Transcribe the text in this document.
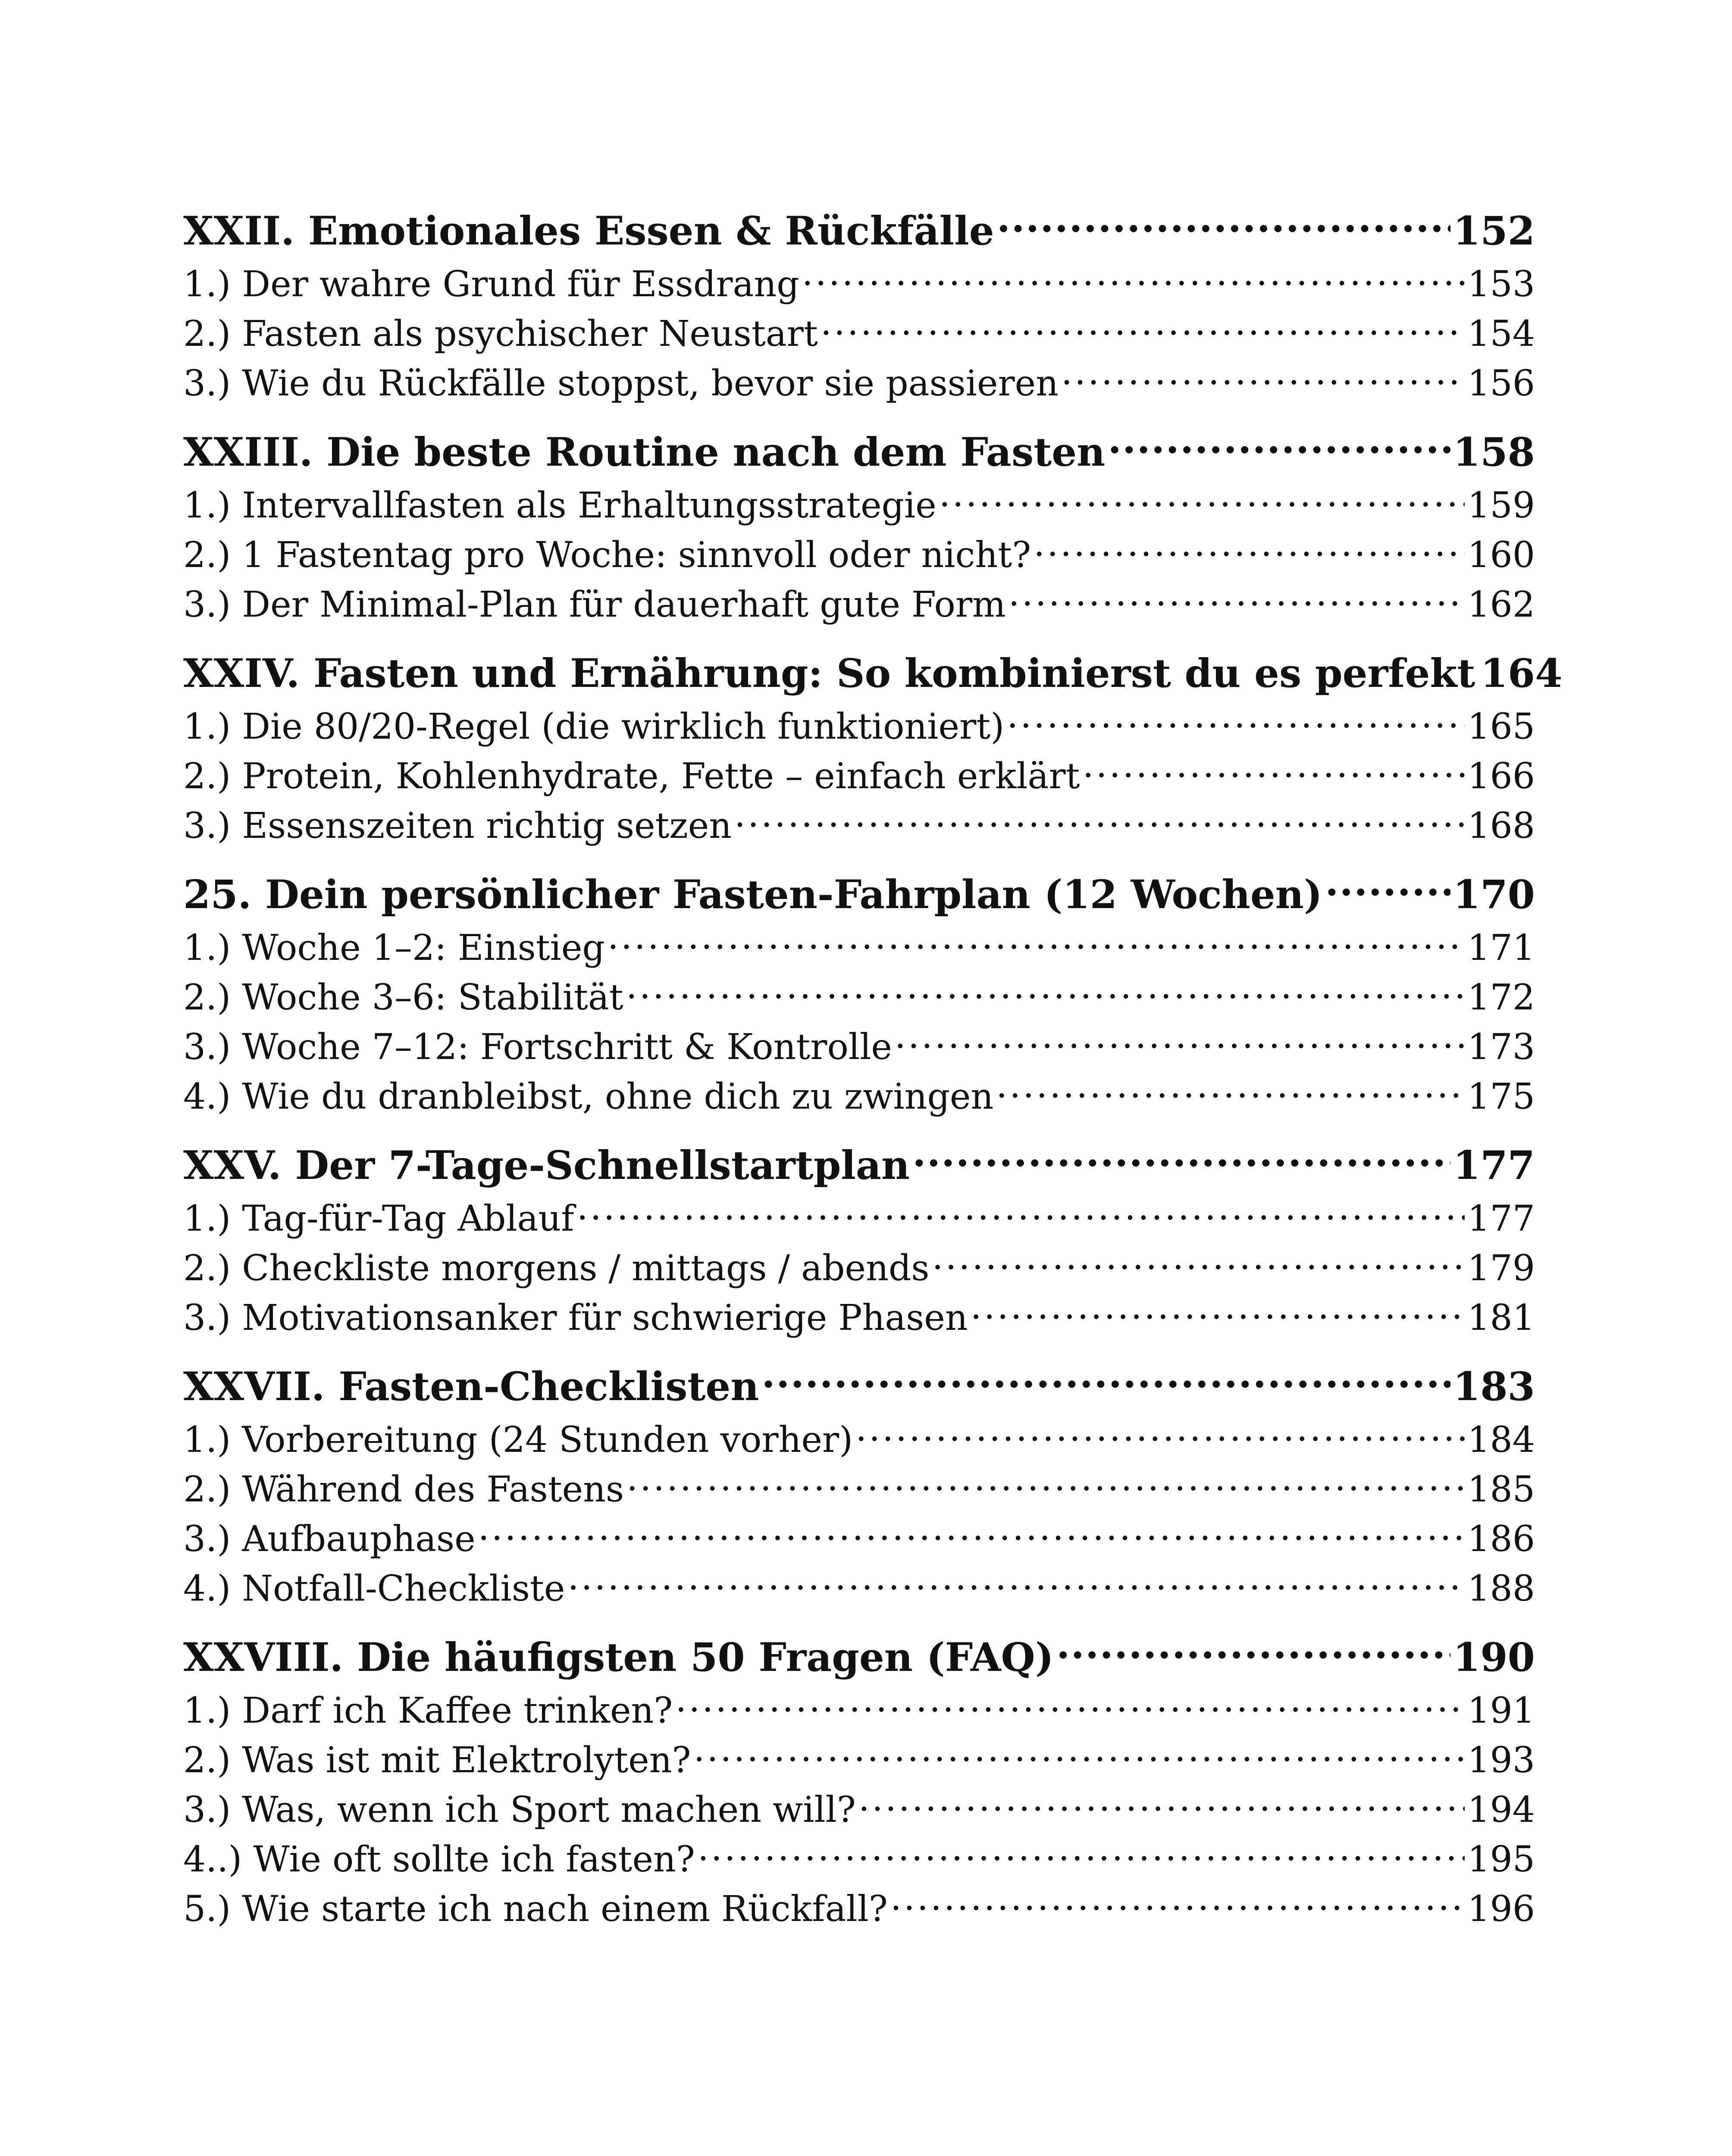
XXII. Emotionales Essen & Rückfälle .....	152
1.) Der wahre Grund für Essdrang .....	153
2.) Fasten als psychischer Neustart .....	154
3.) Wie du Rückfälle stoppst, bevor sie passieren .....	156
XXIII. Die beste Routine nach dem Fasten .....	158
1.) Intervallfasten als Erhaltungsstrategie .....	159
2.) 1 Fastentag pro Woche: sinnvoll oder nicht? .....	160
3.) Der Minimal-Plan für dauerhaft gute Form .....	162
XXIV. Fasten und Ernährung: So kombinierst du es perfekt 164
1.) Die 80/20-Regel (die wirklich funktioniert) .....	165
2.) Protein, Kohlenhydrate, Fette – einfach erklärt .....	166
3.) Essenszeiten richtig setzen .....	168
25. Dein persönlicher Fasten-Fahrplan (12 Wochen) .....	170
1.) Woche 1–2: Einstieg .....	171
2.) Woche 3–6: Stabilität .....	172
3.) Woche 7–12: Fortschritt & Kontrolle .....	173
4.) Wie du dranbleibst, ohne dich zu zwingen .....	175
XXV. Der 7-Tage-Schnellstartplan .....	177
1.) Tag-für-Tag Ablauf .....	177
2.) Checkliste morgens / mittags / abends .....	179
3.) Motivationsanker für schwierige Phasen .....	181
XXVII. Fasten-Checklisten .....	183
1.) Vorbereitung (24 Stunden vorher) .....	184
2.) Während des Fastens .....	185
3.) Aufbauphase .....	186
4.) Notfall-Checkliste .....	188
XXVIII. Die häufigsten 50 Fragen (FAQ) .....	190
1.) Darf ich Kaffee trinken? .....	191
2.) Was ist mit Elektrolyten? .....	193
3.) Was, wenn ich Sport machen will? .....	194
4..) Wie oft sollte ich fasten? .....	195
5.) Wie starte ich nach einem Rückfall? .....	196
